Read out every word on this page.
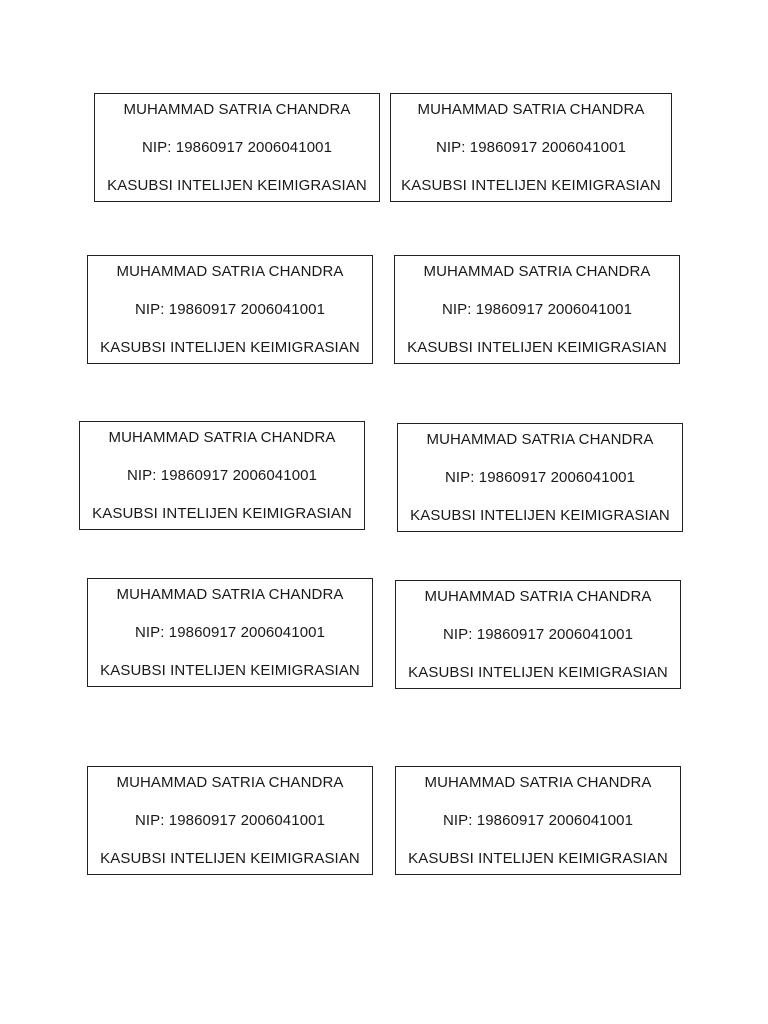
MUHAMMAD SATRIA CHANDRA
NIP: 19860917 2006041001
KASUBSI INTELIJEN KEIMIGRASIAN
MUHAMMAD SATRIA CHANDRA
NIP: 19860917 2006041001
KASUBSI INTELIJEN KEIMIGRASIAN
MUHAMMAD SATRIA CHANDRA
NIP: 19860917 2006041001
KASUBSI INTELIJEN KEIMIGRASIAN
MUHAMMAD SATRIA CHANDRA
NIP: 19860917 2006041001
KASUBSI INTELIJEN KEIMIGRASIAN
MUHAMMAD SATRIA CHANDRA
NIP: 19860917 2006041001
KASUBSI INTELIJEN KEIMIGRASIAN
MUHAMMAD SATRIA CHANDRA
NIP: 19860917 2006041001
KASUBSI INTELIJEN KEIMIGRASIAN
MUHAMMAD SATRIA CHANDRA
NIP: 19860917 2006041001
KASUBSI INTELIJEN KEIMIGRASIAN
MUHAMMAD SATRIA CHANDRA
NIP: 19860917 2006041001
KASUBSI INTELIJEN KEIMIGRASIAN
MUHAMMAD SATRIA CHANDRA
NIP: 19860917 2006041001
KASUBSI INTELIJEN KEIMIGRASIAN
MUHAMMAD SATRIA CHANDRA
NIP: 19860917 2006041001
KASUBSI INTELIJEN KEIMIGRASIAN
